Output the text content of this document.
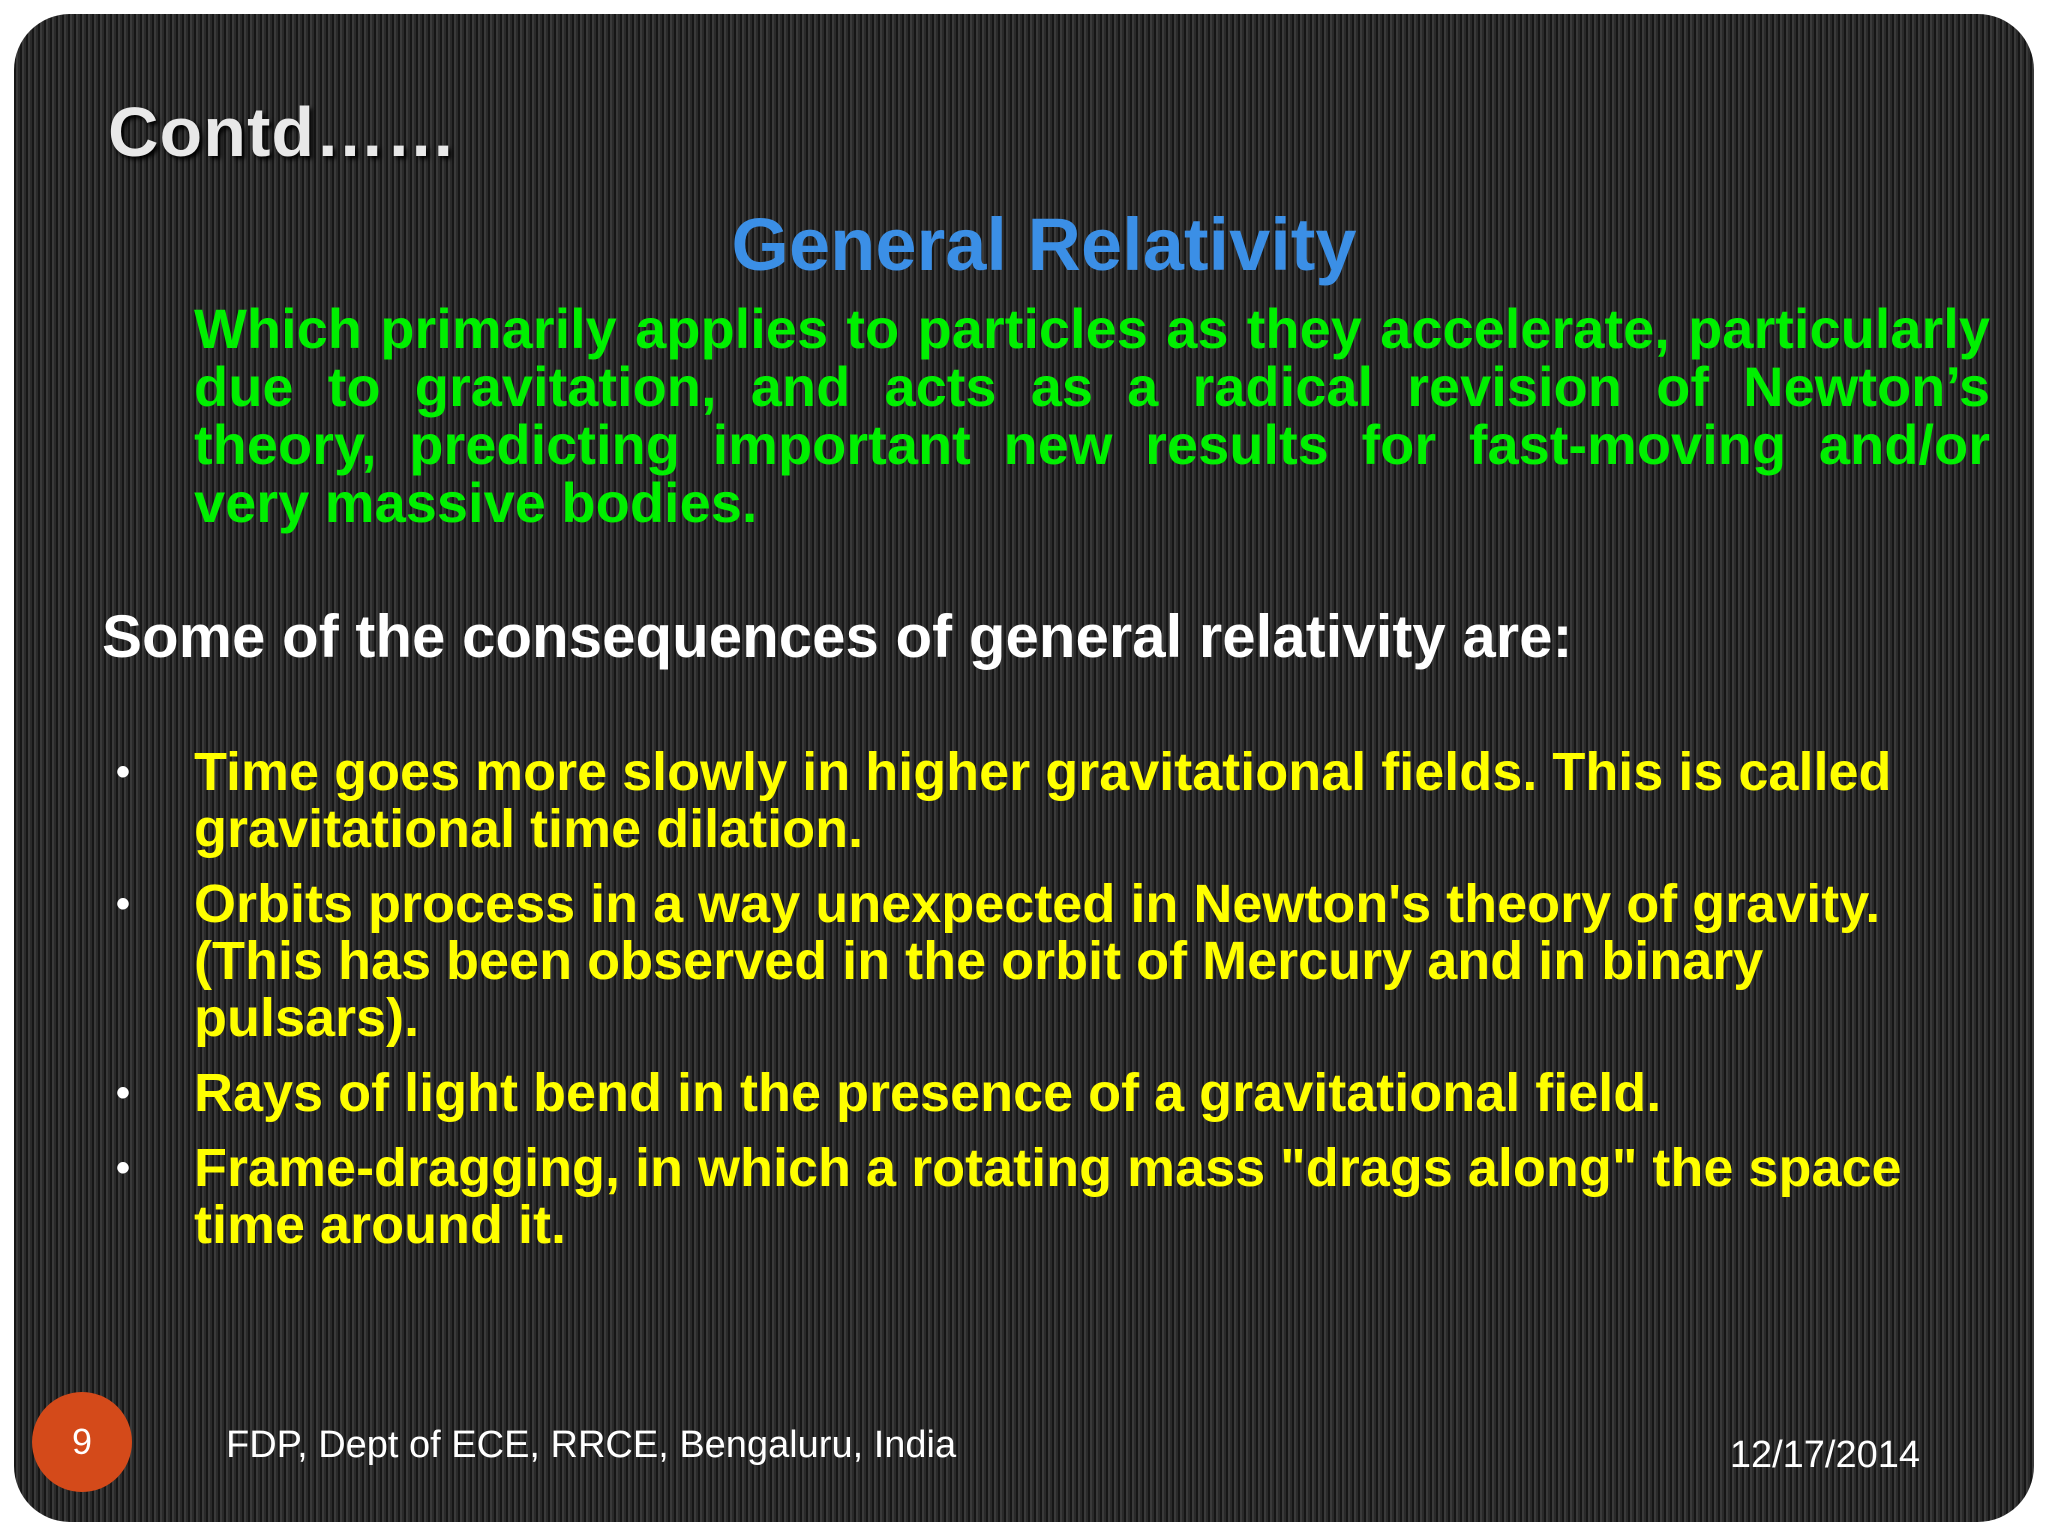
Contd……
General Relativity

Which primarily applies to particles as they accelerate, particularly due to gravitation, and acts as a radical revision of Newton’s theory, predicting important new results for fast-moving and/or very massive bodies.

Some of the consequences of general relativity are:

• Time goes more slowly in higher gravitational fields. This is called gravitational time dilation.
• Orbits process in a way unexpected in Newton's theory of gravity. (This has been observed in the orbit of Mercury and in binary pulsars).
• Rays of light bend in the presence of a gravitational field.
• Frame-dragging, in which a rotating mass "drags along" the space time around it.
9	FDP, Dept of ECE, RRCE, Bengaluru, India	12/17/2014
